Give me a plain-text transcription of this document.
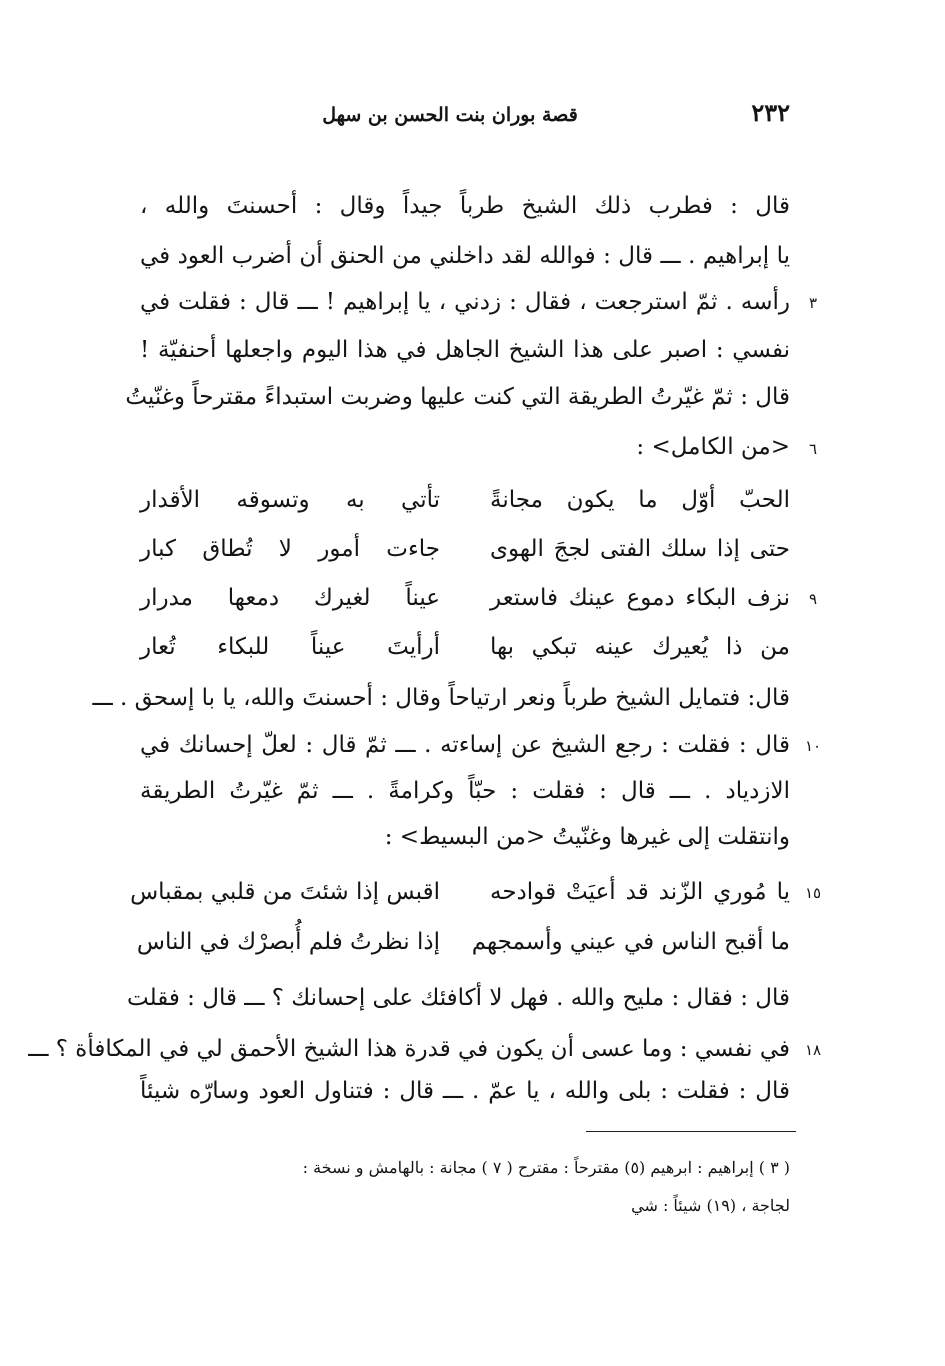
٢٣٢
قصة بوران بنت الحسن بن سهل
قال : فطرب ذلك الشيخ طرباً جيداً وقال : أحسنتَ والله ،
يا إبراهيم . ـــ قال : فوالله لقد داخلني من الحنق أن أضرب العود في
٣
رأسه . ثمّ استرجعت ، فقال : زدني ، يا إبراهيم ! ـــ قال : فقلت في
نفسي : اصبر على هذا الشيخ الجاهل في هذا اليوم واجعلها أحنفيّة !
قال : ثمّ غيّرتُ الطريقة التي كنت عليها وضربت استبداءً مقترحاً وغنّيتُ
٦
<من الكامل> :
الحبّ أوّل ما يكون مجانةً
تأتي به وتسوقه الأقدار
حتى إذا سلك الفتى لججَ الهوى
جاءت أمور لا تُطاق كبار
٩
نزف البكاء دموع عينك فاستعر
عيناً لغيرك دمعها مدرار
من ذا يُعيرك عينه تبكي بها
أرأيتَ عيناً للبكاء تُعار
قال: فتمايل الشيخ طرباً ونعر ارتياحاً وقال : أحسنتَ والله، يا با إسحق . ـــ
١٠
قال : فقلت : رجع الشيخ عن إساءته . ـــ ثمّ قال : لعلّ إحسانك في
الازدياد . ـــ قال : فقلت : حبّاً وكرامةً . ـــ ثمّ غيّرتُ الطريقة
وانتقلت إلى غيرها وغنّيتُ <من البسيط> :
١٥
يا مُوري الزّند قد أعيَتْ قوادحه
اقبس إذا شئتَ من قلبي بمقباس
ما أقبح الناس في عيني وأسمجهم
إذا نظرتُ فلم أُبصرْك في الناس
قال : فقال : مليح والله . فهل لا أكافئك على إحسانك ؟ ـــ قال : فقلت
١٨
في نفسي : وما عسى أن يكون في قدرة هذا الشيخ الأحمق لي في المكافأة ؟ ـــ
قال : فقلت : بلى والله ، يا عمّ . ـــ قال : فتناول العود وسارّه شيئاً
( ٣ ) إبراهيم : ابرهيم (٥) مقترحاً : مقترح ( ٧ ) مجانة : بالهامش و نسخة :
لجاجة ، (١٩) شيئاً : شي
